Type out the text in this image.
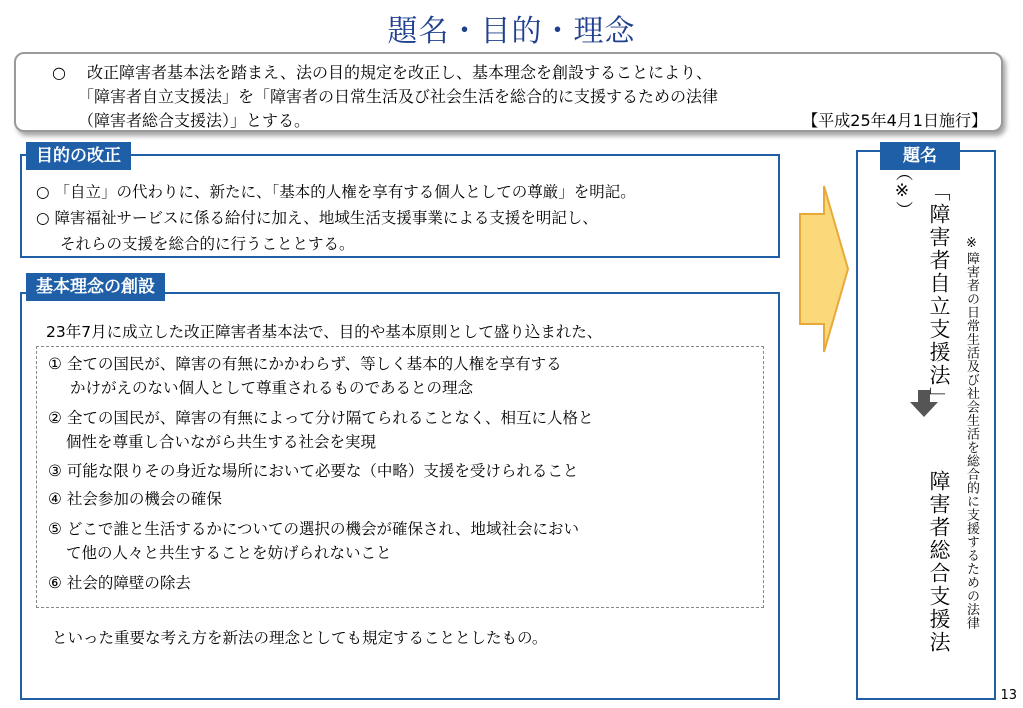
題名・目的・理念
○　 改正障害者基本法を踏まえ、法の目的規定を改正し、基本理念を創設することにより、
「障害者自立支援法」を「障害者の日常生活及び社会生活を総合的に支援するための法律
（障害者総合支援法）」とする。	【平成25年4月1日施行】
目的の改正
○ 「自立」の代わりに、新たに、「基本的人権を享有する個人としての尊厳」を明記。
○ 障害福祉サービスに係る給付に加え、地域生活支援事業による支援を明記し、
それらの支援を総合的に行うこととする。
基本理念の創設
23年7月に成立した改正障害者基本法で、目的や基本原則として盛り込まれた、
① 全ての国民が、障害の有無にかかわらず、等しく基本的人権を享有する
かけがえのない個人として尊重されるものであるとの理念
② 全ての国民が、障害の有無によって分け隔てられることなく、相互に人格と
個性を尊重し合いながら共生する社会を実現
③ 可能な限りその身近な場所において必要な（中略）支援を受けられること
④ 社会参加の機会の確保
⑤ どこで誰と生活するかについての選択の機会が確保され、地域社会におい
て他の人々と共生することを妨げられないこと
⑥ 社会的障壁の除去
といった重要な考え方を新法の理念としても規定することとしたもの。
題名
（※） 「障害者自立支援法」
障害者総合支援法 ※障害者の日常生活及び社会生活を総合的に支援するための法律
13
